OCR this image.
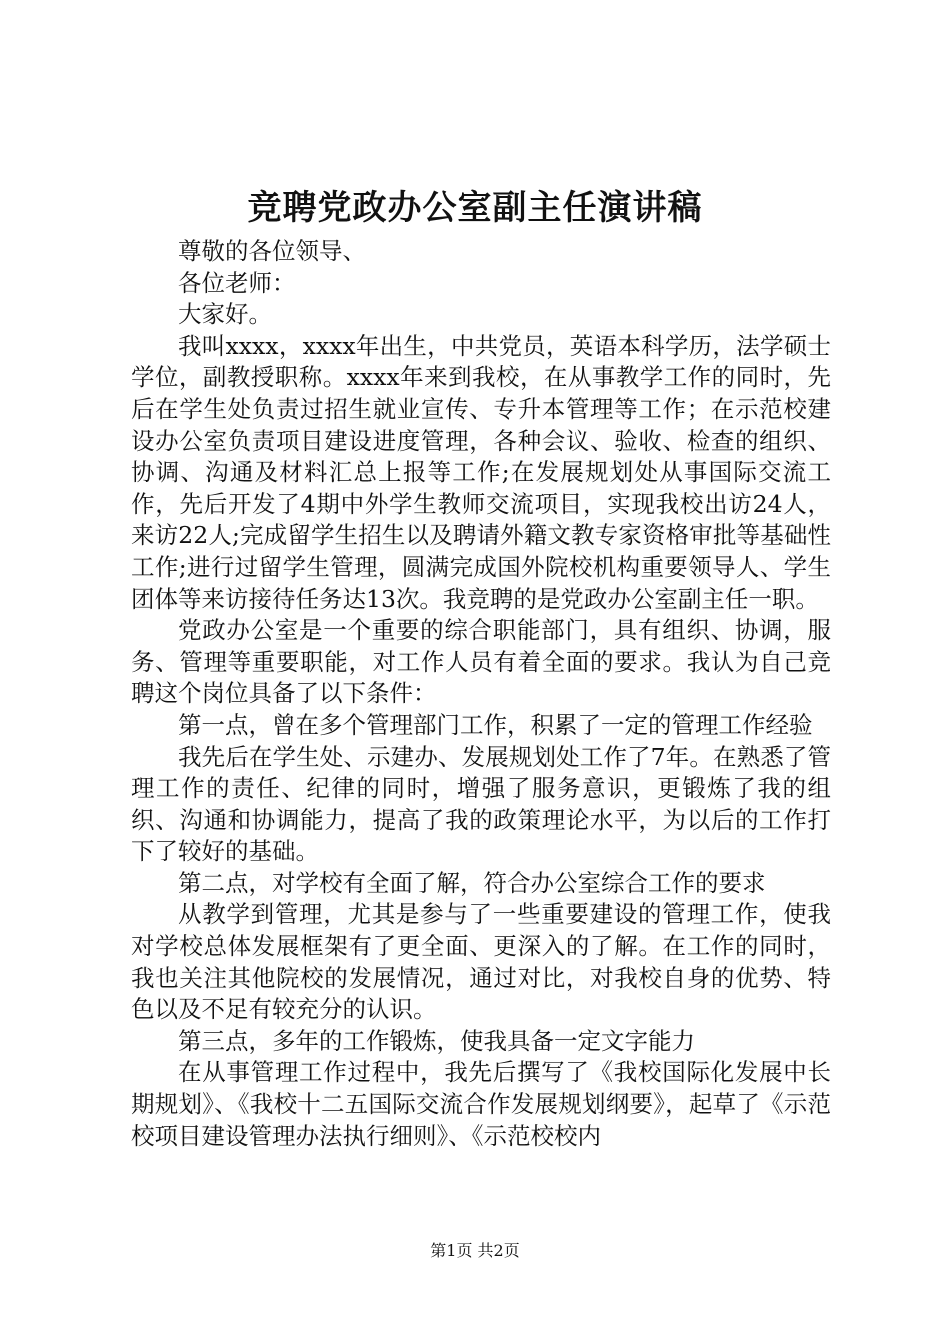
竞聘党政办公室副主任演讲稿

尊敬的各位领导、

各位老师：

大家好。

我叫xxxx，xxxx年出生，中共党员，英语本科学历，法学硕士学位，副教授职称。xxxx年来到我校，在从事教学工作的同时，先后在学生处负责过招生就业宣传、专升本管理等工作；在示范校建设办公室负责项目建设进度管理，各种会议、验收、检查的组织、协调、沟通及材料汇总上报等工作;在发展规划处从事国际交流工作，先后开发了4期中外学生教师交流项目，实现我校出访24人，来访22人;完成留学生招生以及聘请外籍文教专家资格审批等基础性工作;进行过留学生管理，圆满完成国外院校机构重要领导人、学生团体等来访接待任务达13次。我竞聘的是党政办公室副主任一职。

党政办公室是一个重要的综合职能部门，具有组织、协调，服务、管理等重要职能，对工作人员有着全面的要求。我认为自己竞聘这个岗位具备了以下条件：

第一点，曾在多个管理部门工作，积累了一定的管理工作经验

我先后在学生处、示建办、发展规划处工作了7年。在熟悉了管理工作的责任、纪律的同时，增强了服务意识，更锻炼了我的组织、沟通和协调能力，提高了我的政策理论水平，为以后的工作打下了较好的基础。

第二点，对学校有全面了解，符合办公室综合工作的要求

从教学到管理，尤其是参与了一些重要建设的管理工作，使我对学校总体发展框架有了更全面、更深入的了解。在工作的同时，我也关注其他院校的发展情况，通过对比，对我校自身的优势、特色以及不足有较充分的认识。

第三点，多年的工作锻炼，使我具备一定文字能力

在从事管理工作过程中，我先后撰写了《我校国际化发展中长期规划》、《我校十二五国际交流合作发展规划纲要》，起草了《示范校项目建设管理办法执行细则》、《示范校校内

第1页 共2页
